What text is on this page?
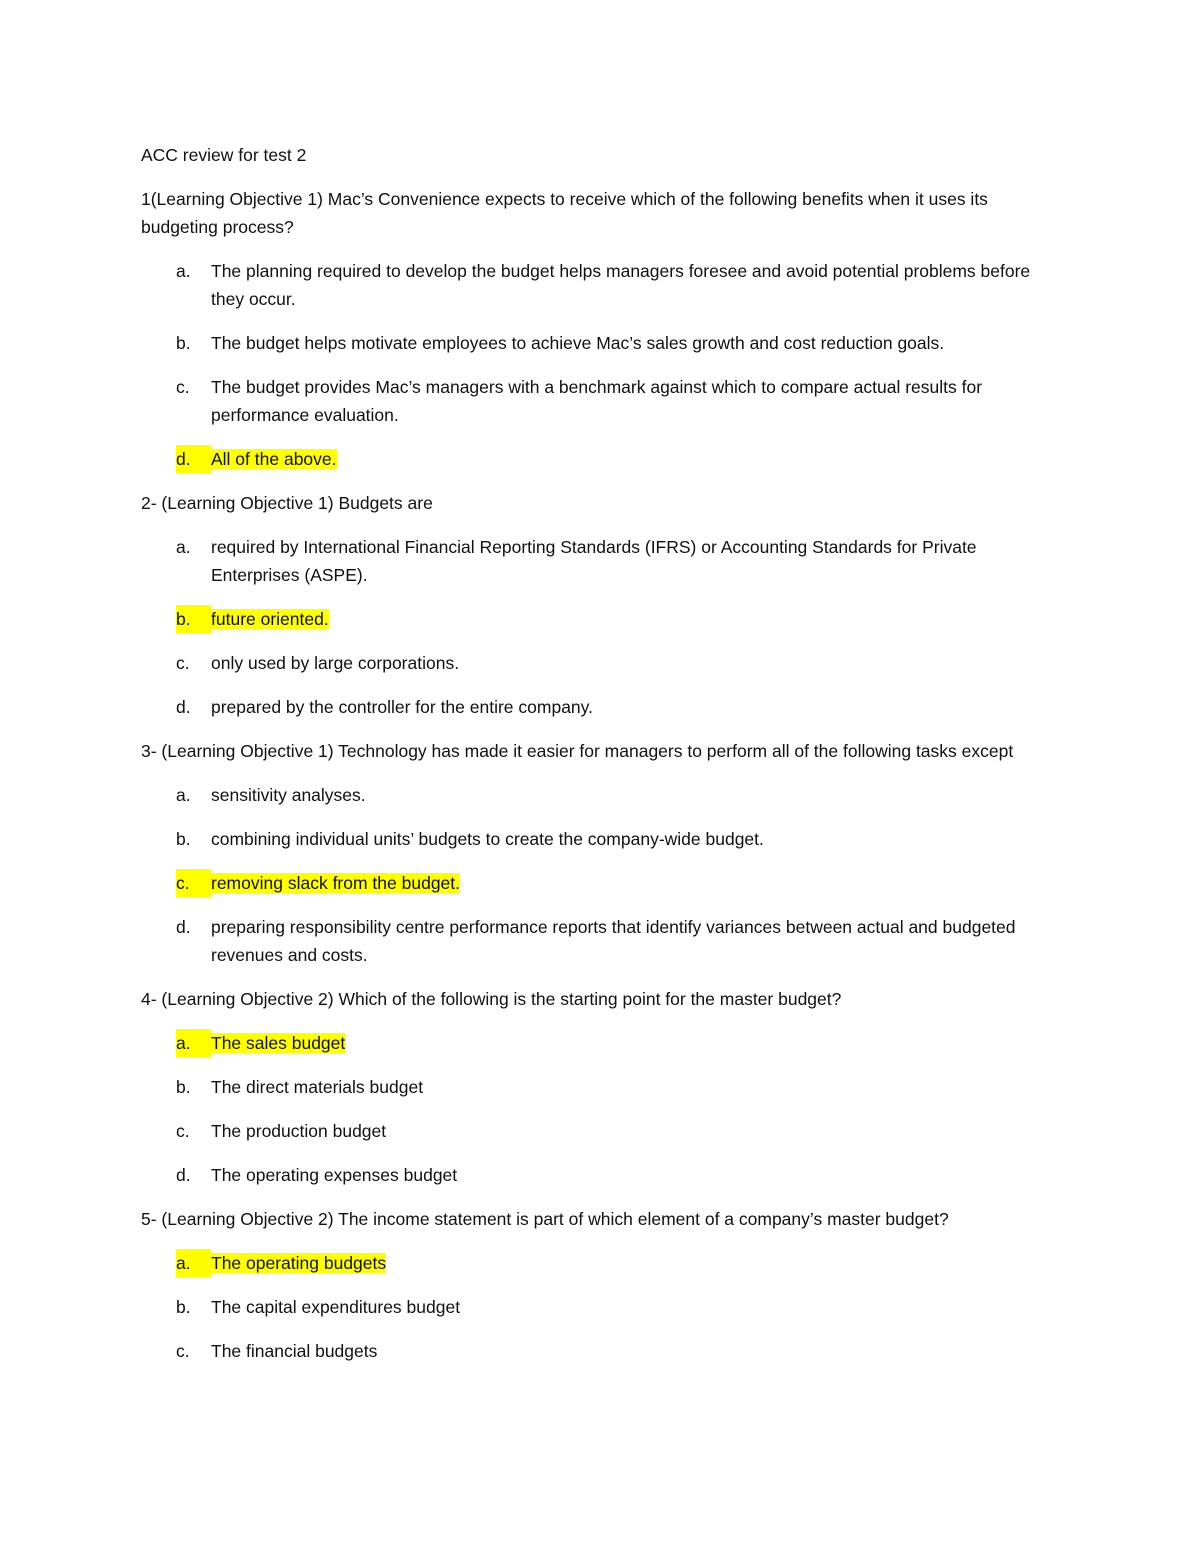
ACC review for test 2

1(Learning Objective 1) Mac’s Convenience expects to receive which of the following benefits when it uses its budgeting process?

a.	The planning required to develop the budget helps managers foresee and avoid potential problems before they occur.
b.	The budget helps motivate employees to achieve Mac’s sales growth and cost reduction goals.
c.	The budget provides Mac’s managers with a benchmark against which to compare actual results for performance evaluation.
d.	All of the above.

2- (Learning Objective 1) Budgets are

a.	required by International Financial Reporting Standards (IFRS) or Accounting Standards for Private Enterprises (ASPE).
b.	future oriented.
c.	only used by large corporations.
d.	prepared by the controller for the entire company.

3- (Learning Objective 1) Technology has made it easier for managers to perform all of the following tasks except

a.	sensitivity analyses.
b.	combining individual units’ budgets to create the company-wide budget.
c.	removing slack from the budget.
d.	preparing responsibility centre performance reports that identify variances between actual and budgeted revenues and costs.

4- (Learning Objective 2) Which of the following is the starting point for the master budget?

a.	The sales budget
b.	The direct materials budget
c.	The production budget
d.	The operating expenses budget

5- (Learning Objective 2) The income statement is part of which element of a company’s master budget?

a.	The operating budgets
b.	The capital expenditures budget
c.	The financial budgets
